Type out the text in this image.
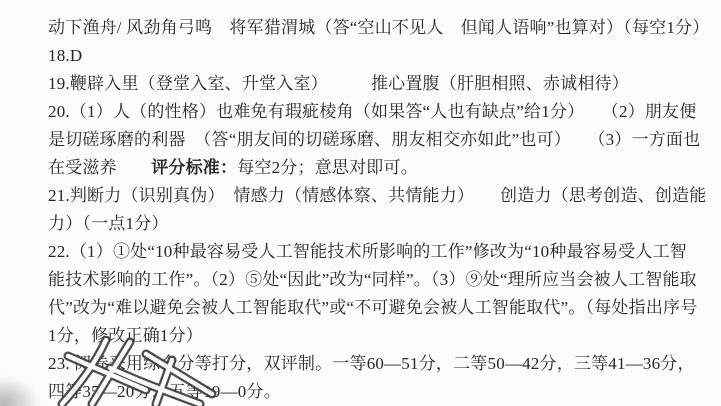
动下渔舟/ 风劲角弓鸣　将军猎渭城（答“空山不见人　但闻人语响”也算对）（每空1分）
18.D
19.鞭辟入里（登堂入室、升堂入室）　　　推心置腹（肝胆相照、赤诚相待）
20.（1）人（的性格）也难免有瑕疵棱角（如果答“人也有缺点”给1分）　　（2）朋友便
是切磋琢磨的利器　（答“朋友间的切磋琢磨、朋友相交亦如此”也可）　　（3）一方面也
在受滋养　　评分标准：每空2分；意思对即可。
21.判断力（识别真伪）　情感力（情感体察、共情能力）　　创造力（思考创造、创造能
力）（一点1分）
22.（1）①处“10种最容易受人工智能技术所影响的工作”修改为“10种最容易受人工智
能技术影响的工作”。（2）⑤处“因此”改为“同样”。（3）⑨处“理所应当会被人工智能取
代”改为“难以避免会被人工智能取代”或“不可避免会被人工智能取代”。（每处指出序号
1分，修改正确1分）
23. 阅卷采用综合分等打分，双评制。一等60—51分，二等50—42分，三等41—36分，
四等35—20分，五等19—0分。
